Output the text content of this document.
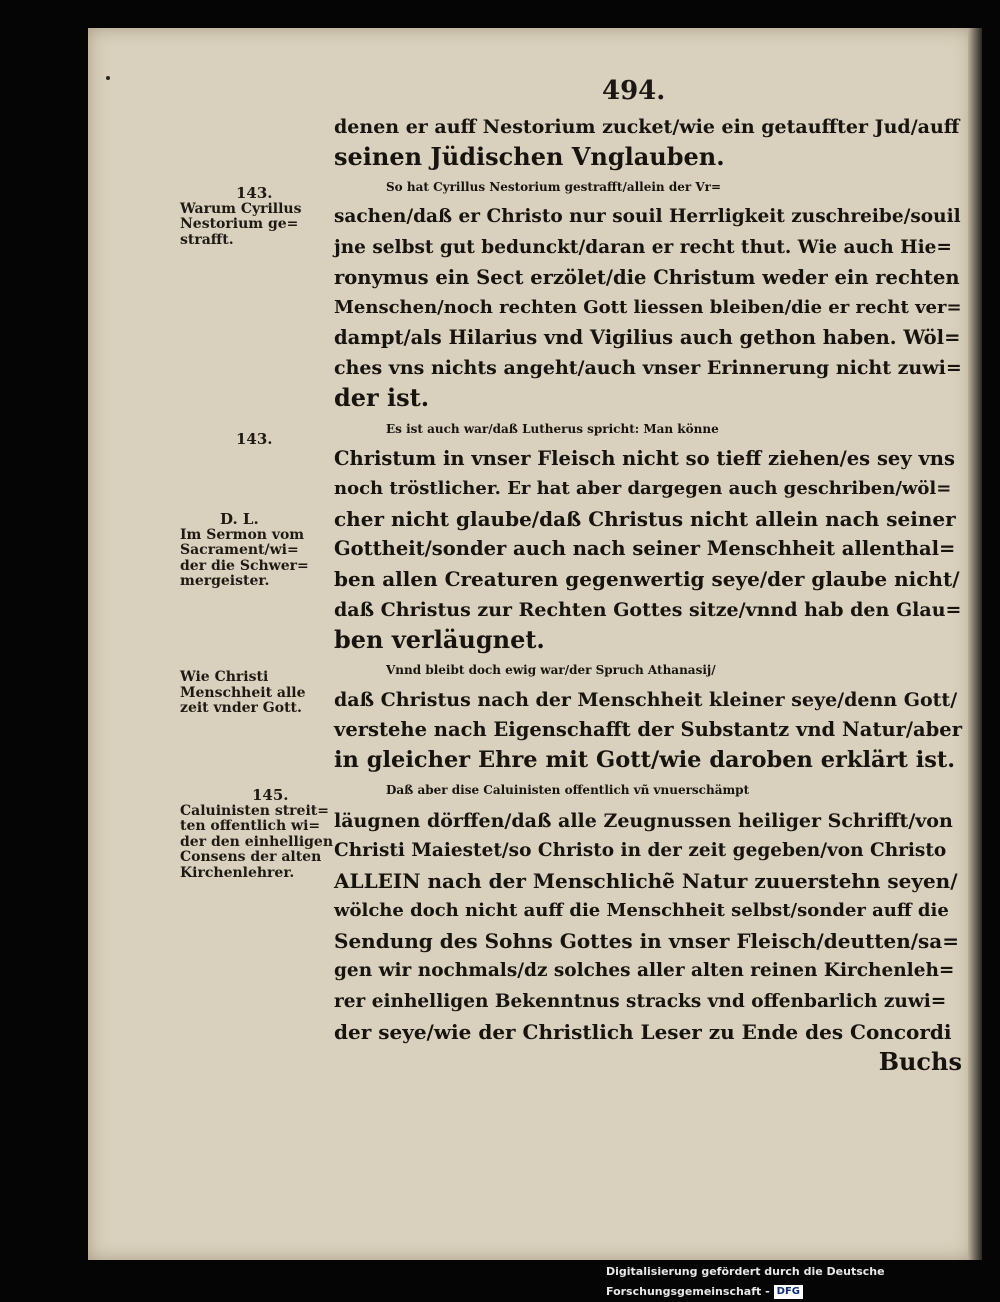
494.
denen er auff Nestorium zucket/wie ein getauffter Jud/auff
seinen Jüdischen Vnglauben.
So hat Cyrillus Nestorium gestrafft/allein der Vr=
sachen/daß er Christo nur souil Herrligkeit zuschreibe/souil
jne selbst gut bedunckt/daran er recht thut. Wie auch Hie=
ronymus ein Sect erzölet/die Christum weder ein rechten
Menschen/noch rechten Gott liessen bleiben/die er recht ver=
dampt/als Hilarius vnd Vigilius auch gethon haben. Wöl=
ches vns nichts angeht/auch vnser Erinnerung nicht zuwi=
der ist.
Es ist auch war/daß Lutherus spricht: Man könne
Christum in vnser Fleisch nicht so tieff ziehen/es sey vns
noch tröstlicher. Er hat aber dargegen auch geschriben/wöl=
cher nicht glaube/daß Christus nicht allein nach seiner
Gottheit/sonder auch nach seiner Menschheit allenthal=
ben allen Creaturen gegenwertig seye/der glaube nicht/
daß Christus zur Rechten Gottes sitze/vnnd hab den Glau=
ben verläugnet.
Vnnd bleibt doch ewig war/der Spruch Athanasij/
daß Christus nach der Menschheit kleiner seye/denn Gott/
verstehe nach Eigenschafft der Substantz vnd Natur/aber
in gleicher Ehre mit Gott/wie daroben erklärt ist.
Daß aber dise Caluinisten offentlich vñ vnuerschämpt
läugnen dörffen/daß alle Zeugnussen heiliger Schrifft/von
Christi Maiestet/so Christo in der zeit gegeben/von Christo
ALLEIN nach der Menschlichẽ Natur zuuerstehn seyen/
wölche doch nicht auff die Menschheit selbst/sonder auff die
Sendung des Sohns Gottes in vnser Fleisch/deutten/sa=
gen wir nochmals/dz solches aller alten reinen Kirchenleh=
rer einhelligen Bekenntnus stracks vnd offenbarlich zuwi=
der seye/wie der Christlich Leser zu Ende des Concordi
Buchs
143.
Warum Cyrillus
Nestorium ge=
strafft.
143.
D. L.
Im Sermon vom
Sacrament/wi=
der die Schwer=
mergeister.
Wie Christi
Menschheit alle
zeit vnder Gott.
145.
Caluinisten streit=
ten offentlich wi=
der den einhelligen
Consens der alten
Kirchenlehrer.
Digitalisierung gefördert durch die Deutsche Forschungsgemeinschaft - DFG
